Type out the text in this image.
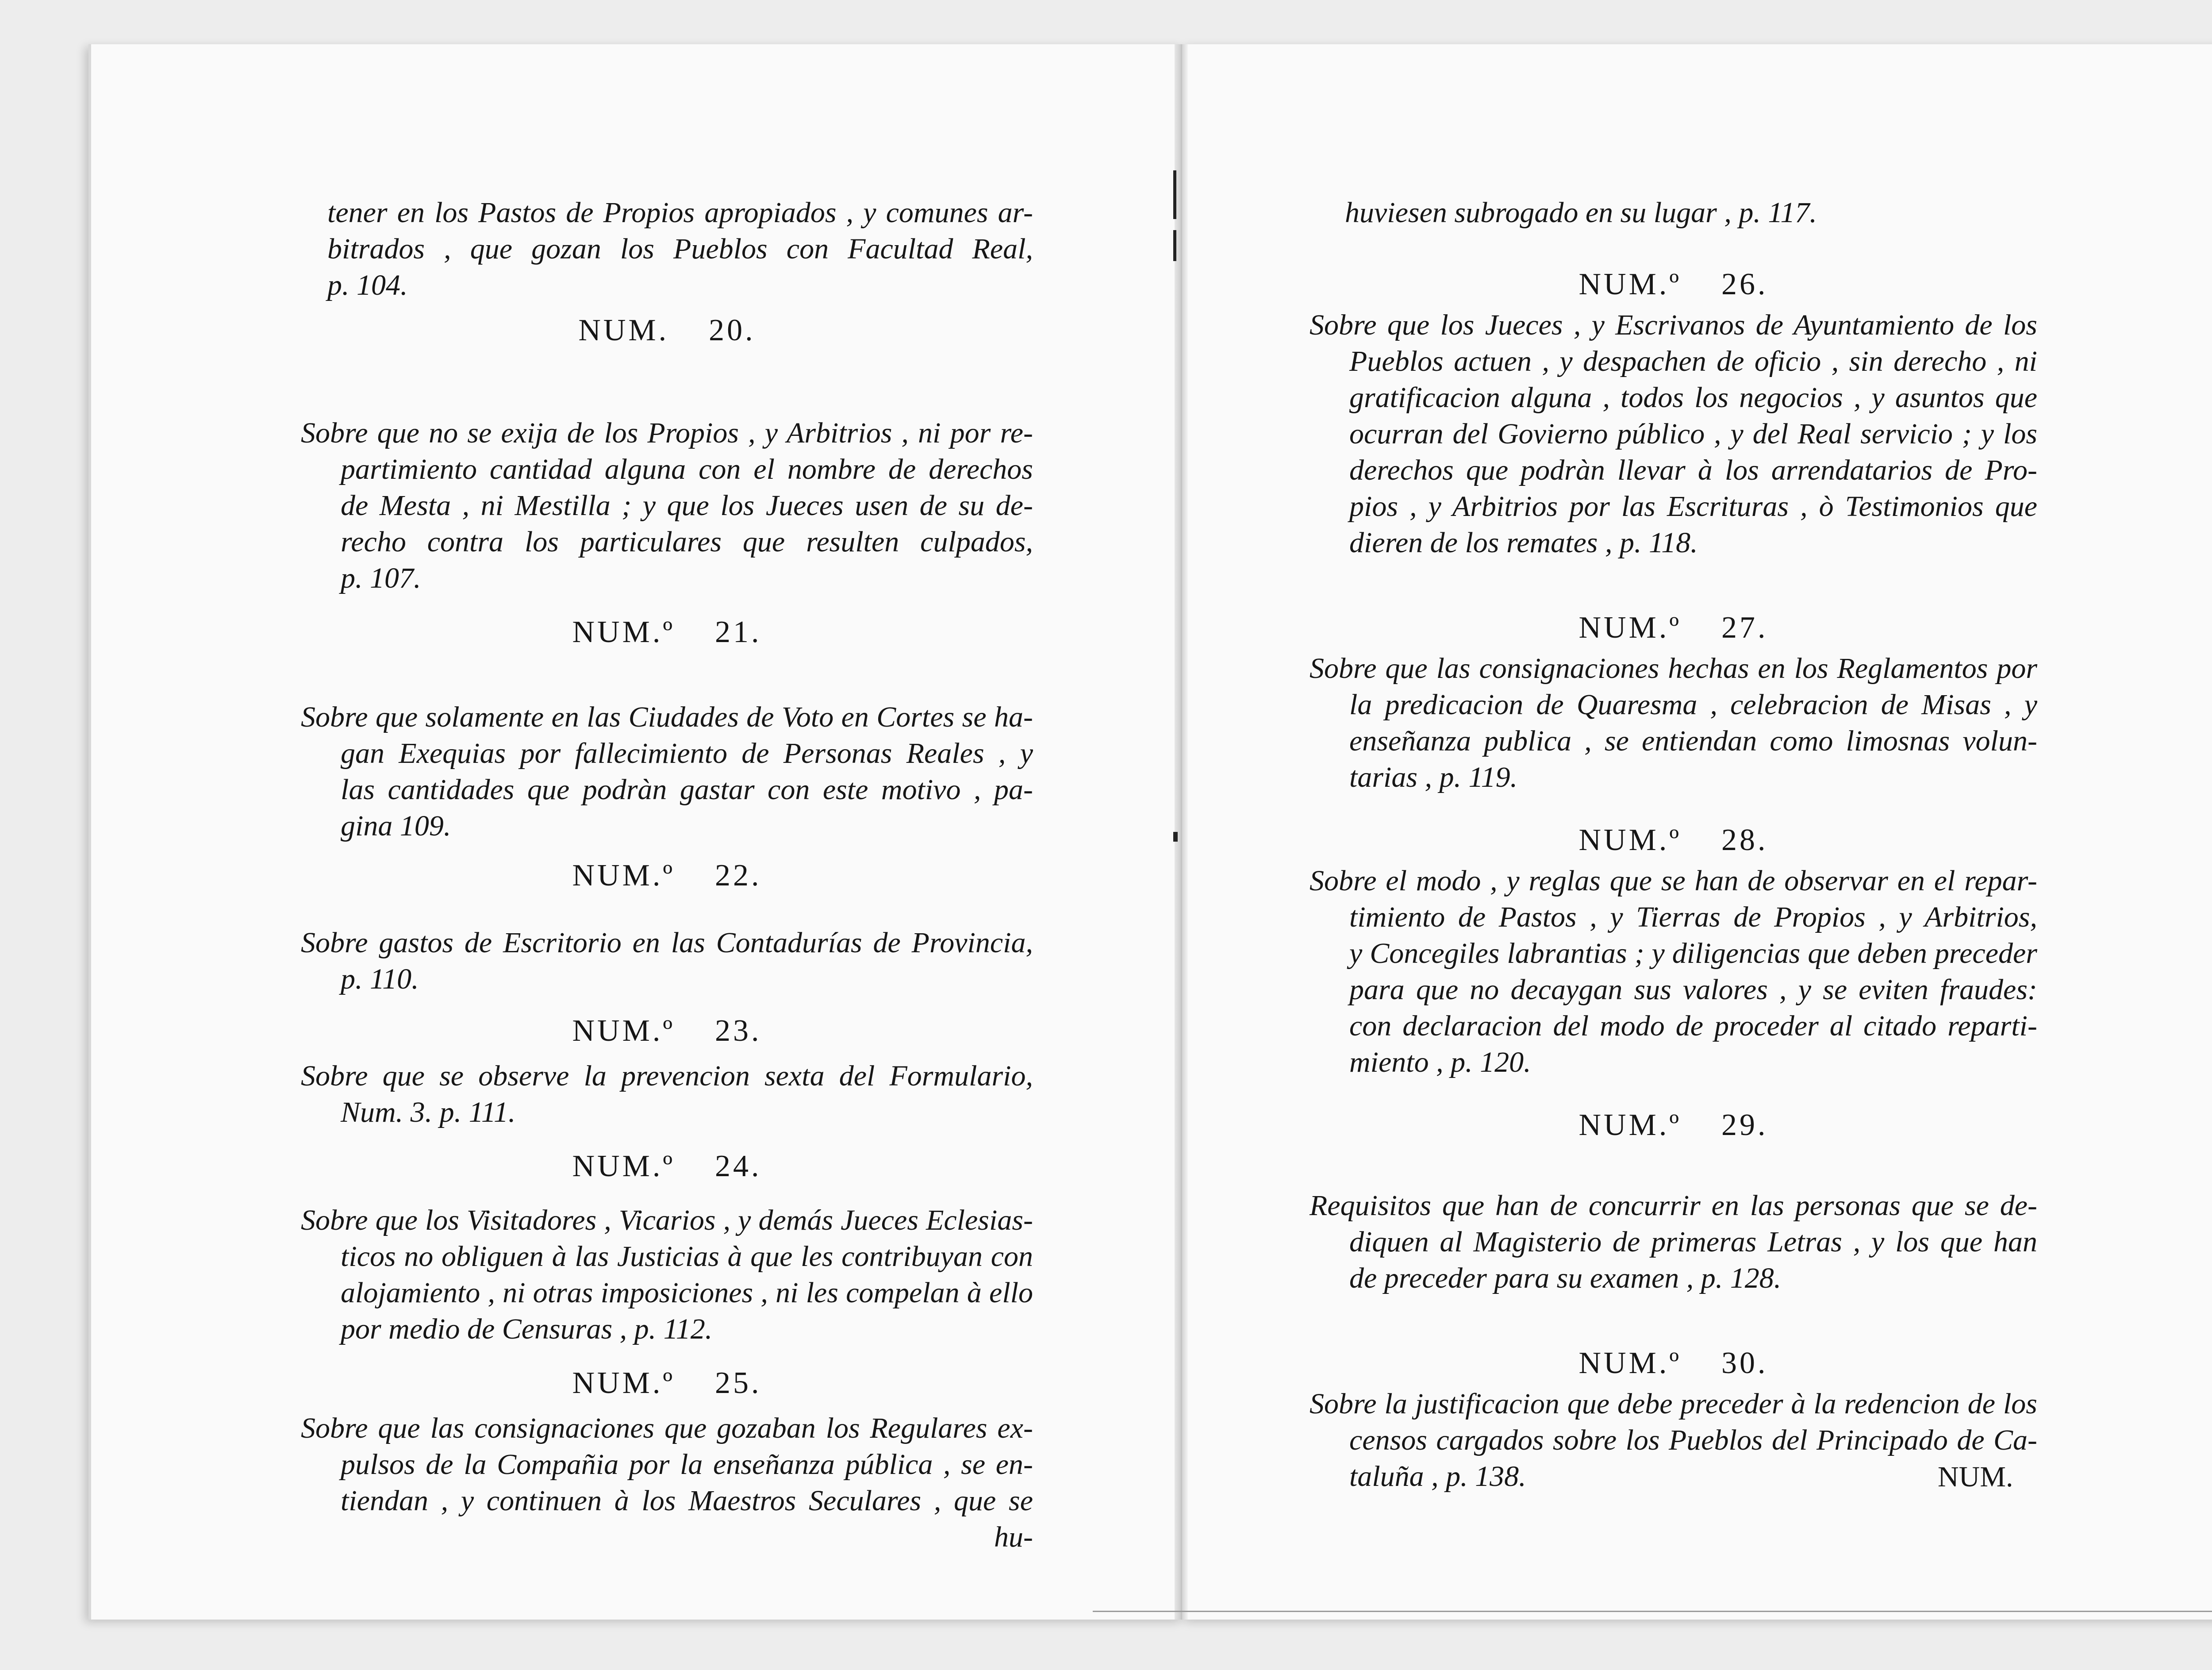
tener en los Pastos de Propios apropiados , y comunes ar-
bitrados , que gozan los Pueblos con Facultad Real,
p. 104.
NUM. 20.
Sobre que no se exija de los Propios , y Arbitrios , ni por re-
partimiento cantidad alguna con el nombre de derechos
de Mesta , ni Mestilla ; y que los Jueces usen de su de-
recho contra los particulares que resulten culpados,
p. 107.
NUM.º 21.
Sobre que solamente en las Ciudades de Voto en Cortes se ha-
gan Exequias por fallecimiento de Personas Reales , y
las cantidades que podràn gastar con este motivo , pa-
gina 109.
NUM.º 22.
Sobre gastos de Escritorio en las Contadurías de Provincia,
p. 110.
NUM.º 23.
Sobre que se observe la prevencion sexta del Formulario,
Num. 3. p. 111.
NUM.º 24.
Sobre que los Visitadores , Vicarios , y demás Jueces Eclesias-
ticos no obliguen à las Justicias à que les contribuyan con
alojamiento , ni otras imposiciones , ni les compelan à ello
por medio de Censuras , p. 112.
NUM.º 25.
Sobre que las consignaciones que gozaban los Regulares ex-
pulsos de la Compañia por la enseñanza pública , se en-
tiendan , y continuen à los Maestros Seculares , que se
hu-
huviesen subrogado en su lugar , p. 117.
NUM.º 26.
Sobre que los Jueces , y Escrivanos de Ayuntamiento de los
Pueblos actuen , y despachen de oficio , sin derecho , ni
gratificacion alguna , todos los negocios , y asuntos que
ocurran del Govierno público , y del Real servicio ; y los
derechos que podràn llevar à los arrendatarios de Pro-
pios , y Arbitrios por las Escrituras , ò Testimonios que
dieren de los remates , p. 118.
NUM.º 27.
Sobre que las consignaciones hechas en los Reglamentos por
la predicacion de Quaresma , celebracion de Misas , y
enseñanza publica , se entiendan como limosnas volun-
tarias , p. 119.
NUM.º 28.
Sobre el modo , y reglas que se han de observar en el repar-
timiento de Pastos , y Tierras de Propios , y Arbitrios,
y Concegiles labrantias ; y diligencias que deben preceder
para que no decaygan sus valores , y se eviten fraudes:
con declaracion del modo de proceder al citado reparti-
miento , p. 120.
NUM.º 29.
Requisitos que han de concurrir en las personas que se de-
diquen al Magisterio de primeras Letras , y los que han
de preceder para su examen , p. 128.
NUM.º 30.
Sobre la justificacion que debe preceder à la redencion de los
censos cargados sobre los Pueblos del Principado de Ca-
taluña , p. 138.	NUM.
